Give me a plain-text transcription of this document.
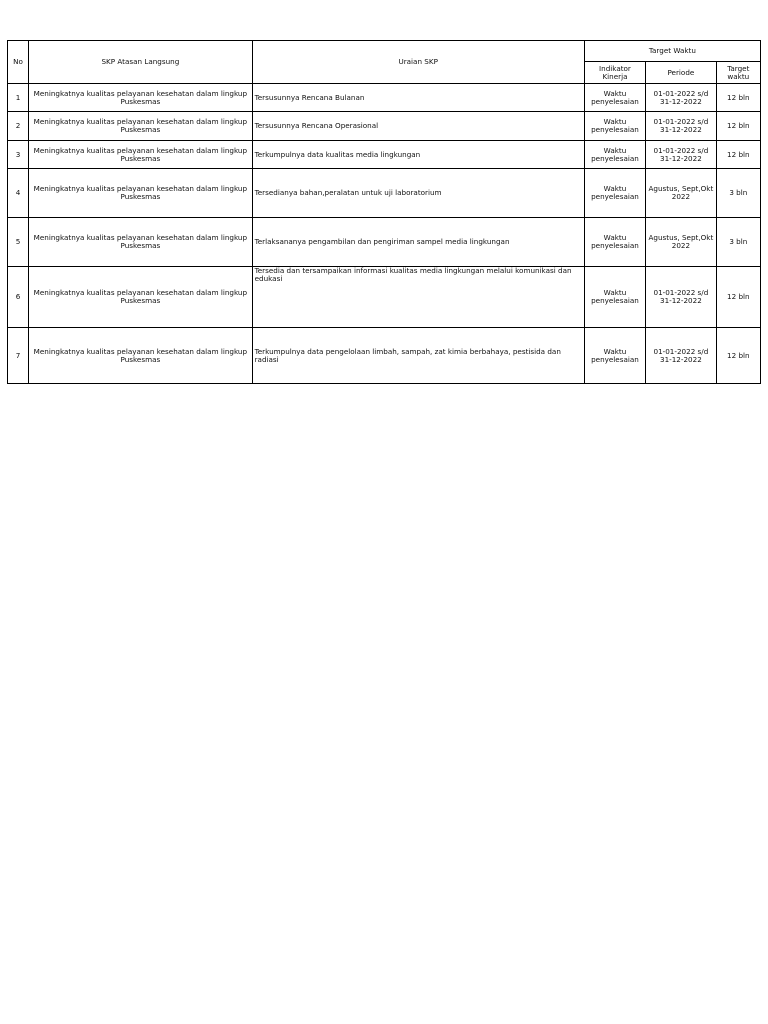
No	SKP Atasan Langsung	Uraian SKP	Target Waktu		
			Indikator Kinerja	Periode	Target waktu
1	Meningkatnya kualitas pelayanan kesehatan dalam lingkup Puskesmas	Tersusunnya Rencana Bulanan	Waktu penyelesaian	01-01-2022 s/d 31-12-2022	12 bln
2	Meningkatnya kualitas pelayanan kesehatan dalam lingkup Puskesmas	Tersusunnya Rencana Operasional	Waktu penyelesaian	01-01-2022 s/d 31-12-2022	12 bln
3	Meningkatnya kualitas pelayanan kesehatan dalam lingkup Puskesmas	Terkumpulnya data kualitas media lingkungan	Waktu penyelesaian	01-01-2022 s/d 31-12-2022	12 bln
4	Meningkatnya kualitas pelayanan kesehatan dalam lingkup Puskesmas	Tersedianya bahan,peralatan untuk uji laboratorium	Waktu penyelesaian	Agustus, Sept,Okt 2022	3 bln
5	Meningkatnya kualitas pelayanan kesehatan dalam lingkup Puskesmas	Terlaksananya pengambilan dan pengiriman sampel media lingkungan	Waktu penyelesaian	Agustus, Sept,Okt 2022	3 bln
6	Meningkatnya kualitas pelayanan kesehatan dalam lingkup Puskesmas	Tersedia dan tersampaikan informasi kualitas media lingkungan melalui komunikasi dan edukasi	Waktu penyelesaian	01-01-2022 s/d 31-12-2022	12 bln
7	Meningkatnya kualitas pelayanan kesehatan dalam lingkup Puskesmas	Terkumpulnya data pengelolaan limbah, sampah, zat kimia berbahaya, pestisida dan radiasi	Waktu penyelesaian	01-01-2022 s/d 31-12-2022	12 bln
